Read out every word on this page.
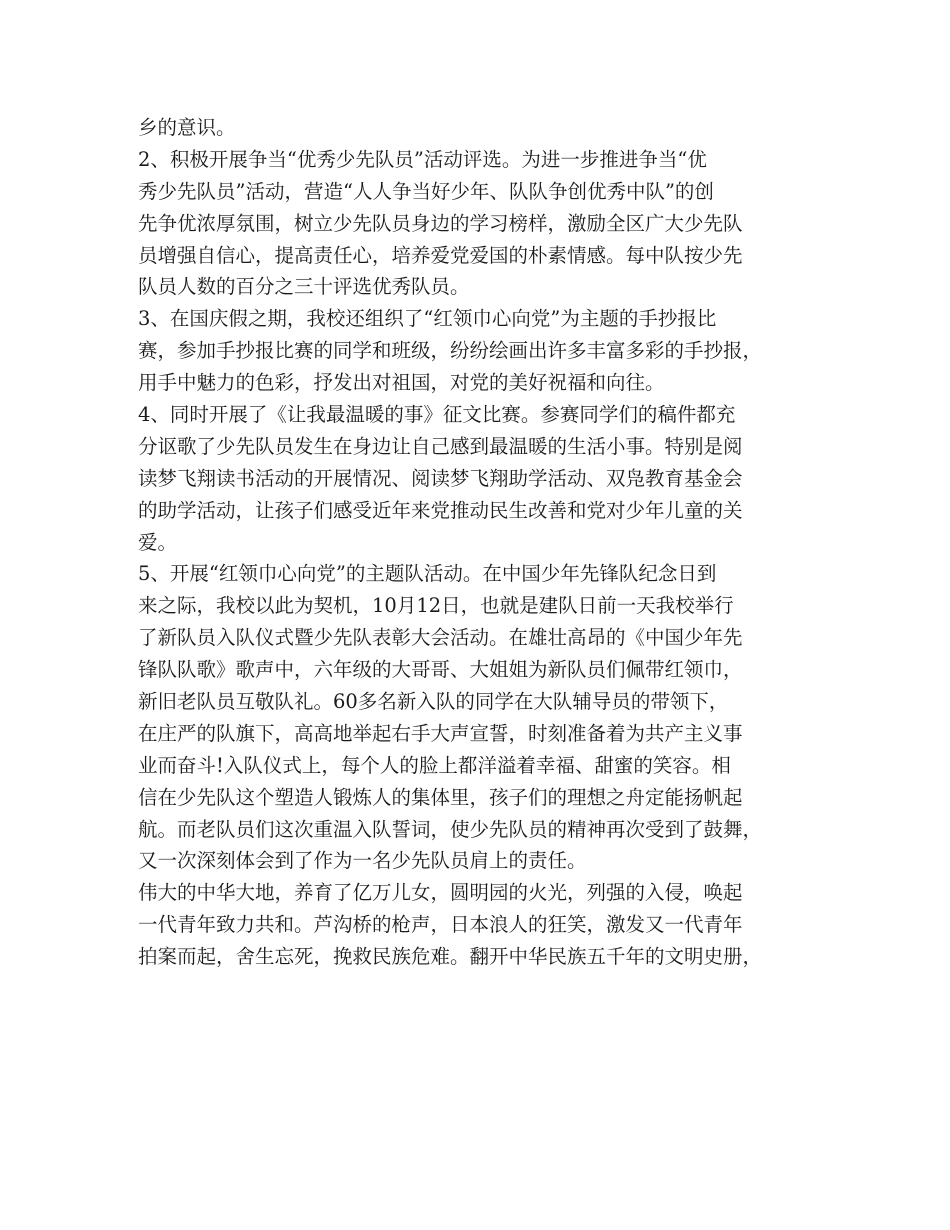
乡的意识。
2、积极开展争当“优秀少先队员”活动评选。为进一步推进争当“优
秀少先队员”活动，营造“人人争当好少年、队队争创优秀中队”的创
先争优浓厚氛围，树立少先队员身边的学习榜样，激励全区广大少先队
员增强自信心，提高责任心，培养爱党爱国的朴素情感。每中队按少先
队员人数的百分之三十评选优秀队员。
3、在国庆假之期，我校还组织了“红领巾心向党”为主题的手抄报比
赛，参加手抄报比赛的同学和班级，纷纷绘画出许多丰富多彩的手抄报，
用手中魅力的色彩，抒发出对祖国，对党的美好祝福和向往。
4、同时开展了《让我最温暖的事》征文比赛。参赛同学们的稿件都充
分讴歌了少先队员发生在身边让自己感到最温暖的生活小事。特别是阅
读梦飞翔读书活动的开展情况、阅读梦飞翔助学活动、双凫教育基金会
的助学活动，让孩子们感受近年来党推动民生改善和党对少年儿童的关
爱。
5、开展“红领巾心向党”的主题队活动。在中国少年先锋队纪念日到
来之际，我校以此为契机，10月12日，也就是建队日前一天我校举行
了新队员入队仪式暨少先队表彰大会活动。在雄壮高昂的《中国少年先
锋队队歌》歌声中，六年级的大哥哥、大姐姐为新队员们佩带红领巾，
新旧老队员互敬队礼。60多名新入队的同学在大队辅导员的带领下，
在庄严的队旗下，高高地举起右手大声宣誓，时刻准备着为共产主义事
业而奋斗!入队仪式上，每个人的脸上都洋溢着幸福、甜蜜的笑容。相
信在少先队这个塑造人锻炼人的集体里，孩子们的理想之舟定能扬帆起
航。而老队员们这次重温入队誓词，使少先队员的精神再次受到了鼓舞，
又一次深刻体会到了作为一名少先队员肩上的责任。
伟大的中华大地，养育了亿万儿女，圆明园的火光，列强的入侵，唤起
一代青年致力共和。芦沟桥的枪声，日本浪人的狂笑，激发又一代青年
拍案而起，舍生忘死，挽救民族危难。翻开中华民族五千年的文明史册，
